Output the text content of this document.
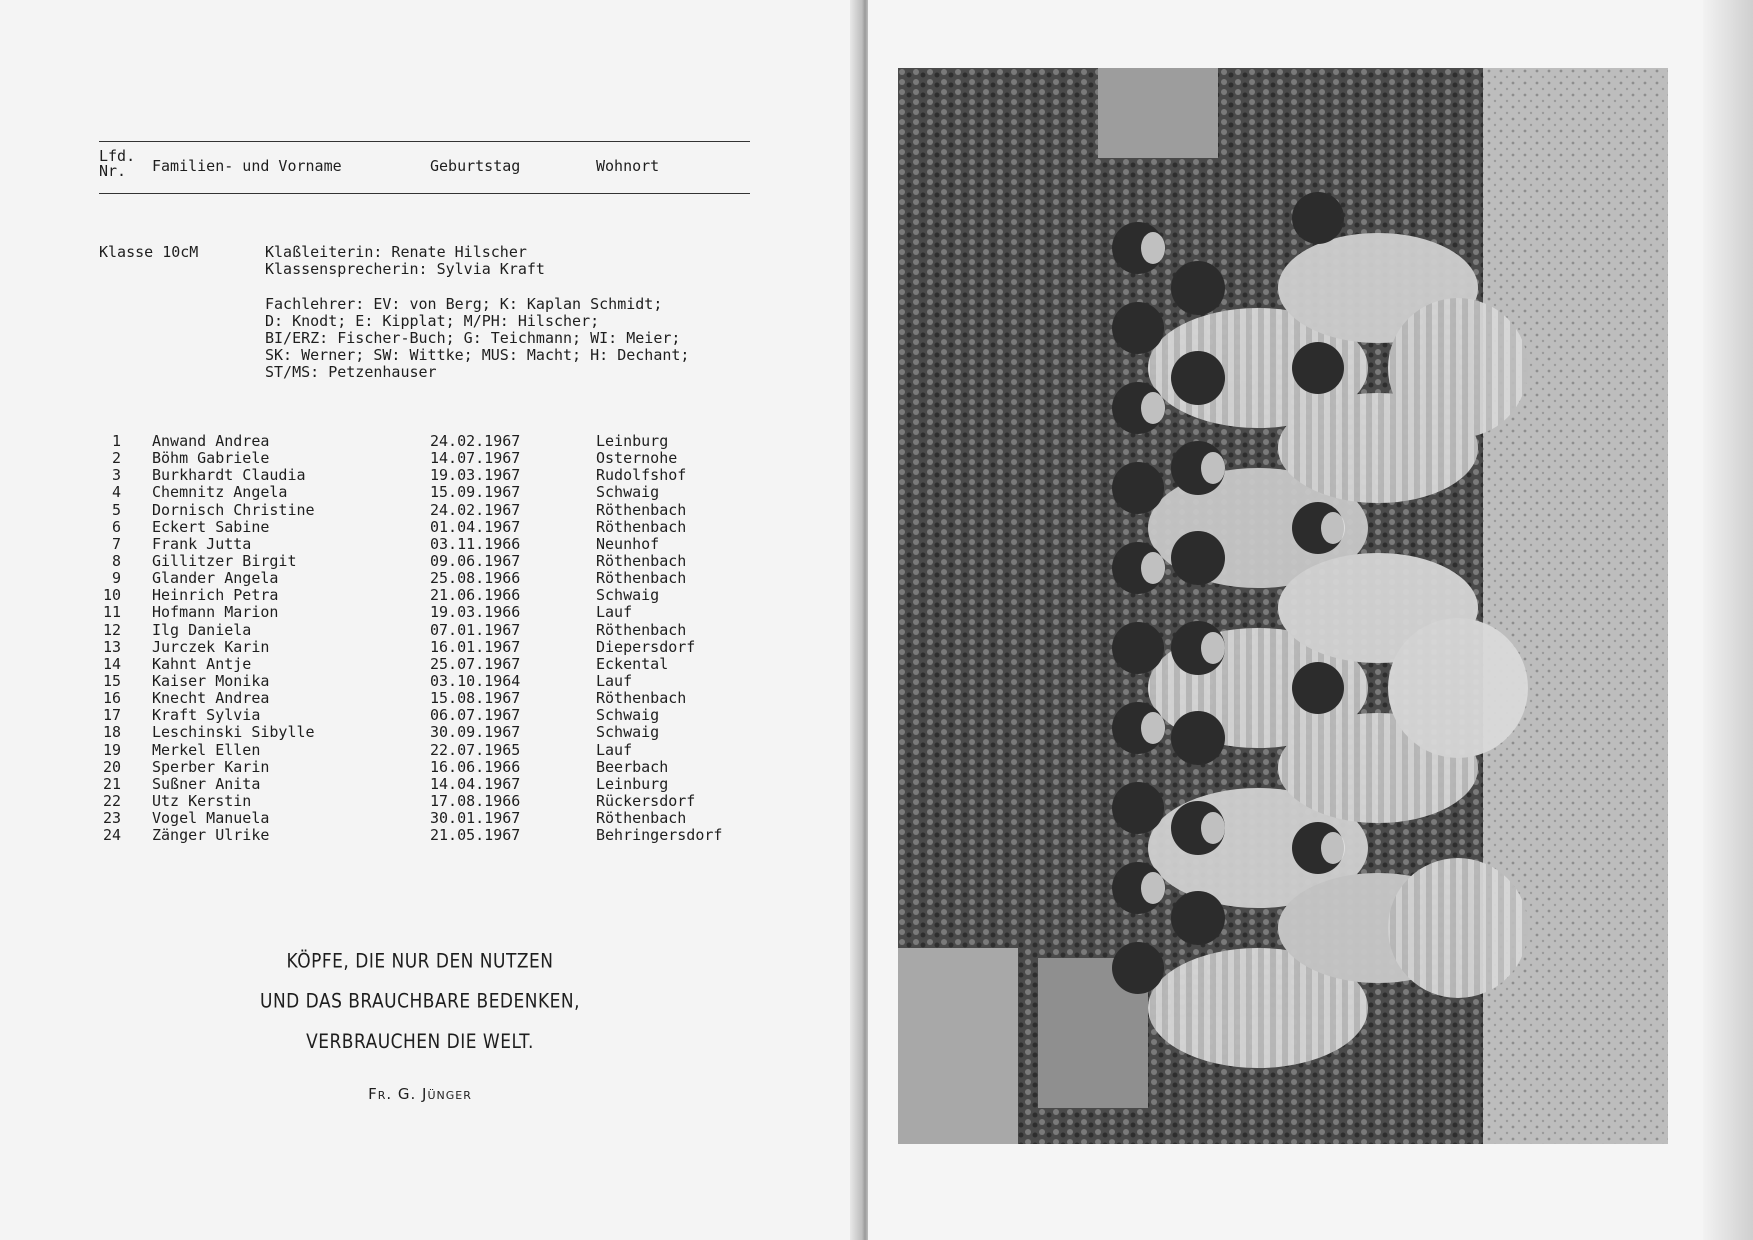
Lfd.
Nr.	Familien- und Vorname	Geburtstag	Wohnort
Klasse 10cM	Klaßleiterin: Renate Hilscher
Klassensprecherin: Sylvia Kraft
Fachlehrer: EV: von Berg; K: Kaplan Schmidt;
D: Knodt; E: Kipplat; M/PH: Hilscher;
BI/ERZ: Fischer-Buch; G: Teichmann; WI: Meier;
SK: Werner; SW: Wittke; MUS: Macht; H: Dechant;
ST/MS: Petzenhauser
1 Anwand Andrea	24.02.1967	Leinburg
2 Böhm Gabriele	14.07.1967	Osternohe
3 Burkhardt Claudia	19.03.1967	Rudolfshof
4 Chemnitz Angela	15.09.1967	Schwaig
5 Dornisch Christine	24.02.1967	Röthenbach
6 Eckert Sabine	01.04.1967	Röthenbach
7 Frank Jutta	03.11.1966	Neunhof
8 Gillitzer Birgit	09.06.1967	Röthenbach
9 Glander Angela	25.08.1966	Röthenbach
10 Heinrich Petra	21.06.1966	Schwaig
11 Hofmann Marion	19.03.1966	Lauf
12 Ilg Daniela	07.01.1967	Röthenbach
13 Jurczek Karin	16.01.1967	Diepersdorf
14 Kahnt Antje	25.07.1967	Eckental
15 Kaiser Monika	03.10.1964	Lauf
16 Knecht Andrea	15.08.1967	Röthenbach
17 Kraft Sylvia	06.07.1967	Schwaig
18 Leschinski Sibylle	30.09.1967	Schwaig
19 Merkel Ellen	22.07.1965	Lauf
20 Sperber Karin	16.06.1966	Beerbach
21 Sußner Anita	14.04.1967	Leinburg
22 Utz Kerstin	17.08.1966	Rückersdorf
23 Vogel Manuela	30.01.1967	Röthenbach
24 Zänger Ulrike	21.05.1967	Behringersdorf
KÖPFE, DIE NUR DEN NUTZEN
UND DAS BRAUCHBARE BEDENKEN,
VERBRAUCHEN DIE WELT.
Fr. G. Jünger
